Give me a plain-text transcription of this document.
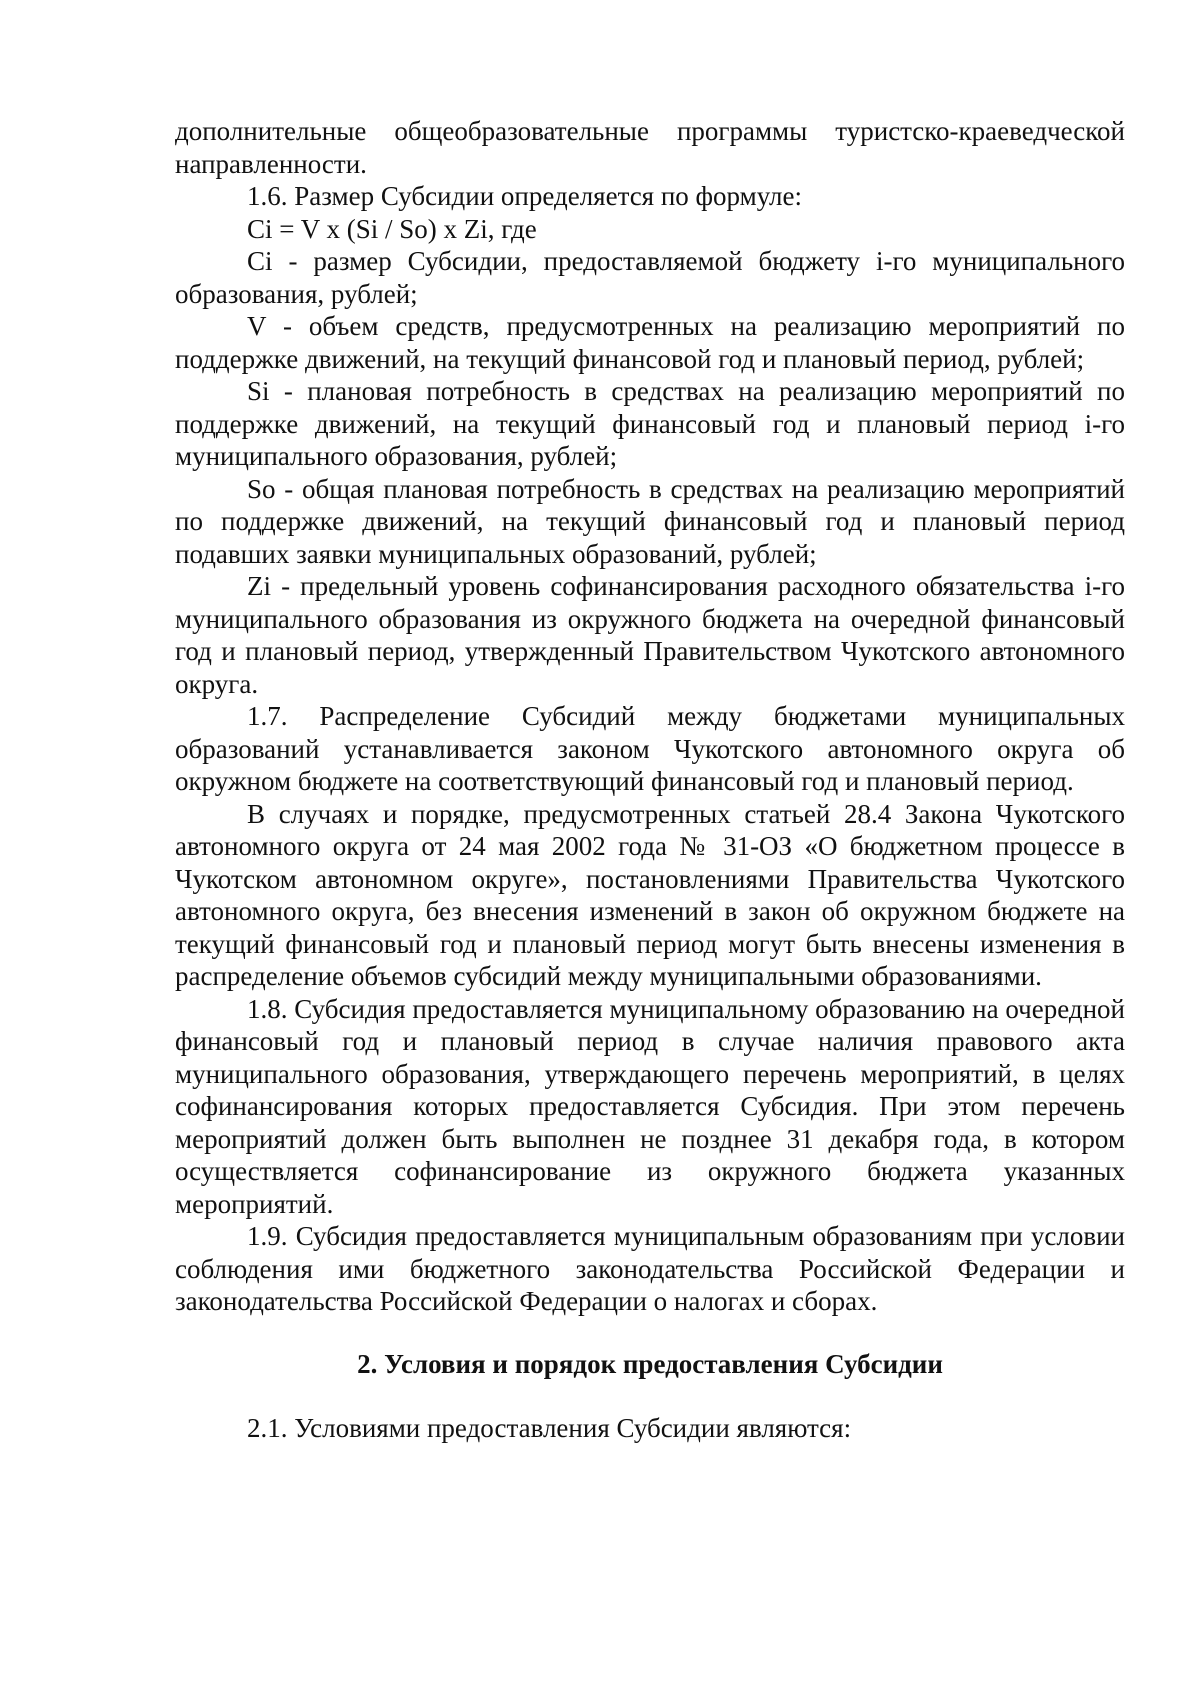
дополнительные общеобразовательные программы туристско-краеведческой направленности.

1.6. Размер Субсидии определяется по формуле:

Ci = V x (Si / So) x Zi, где

Ci - размер Субсидии, предоставляемой бюджету i-го муниципального образования, рублей;

V - объем средств, предусмотренных на реализацию мероприятий по поддержке движений, на текущий финансовой год и плановый период, рублей;

Si - плановая потребность в средствах на реализацию мероприятий по поддержке движений, на текущий финансовый год и плановый период i-го муниципального образования, рублей;

So - общая плановая потребность в средствах на реализацию мероприятий по поддержке движений, на текущий финансовый год и плановый период подавших заявки муниципальных образований, рублей;

Zi - предельный уровень софинансирования расходного обязательства i-го муниципального образования из окружного бюджета на очередной финансовый год и плановый период, утвержденный Правительством Чукотского автономного округа.

1.7. Распределение Субсидий между бюджетами муниципальных образований устанавливается законом Чукотского автономного округа об окружном бюджете на соответствующий финансовый год и плановый период.

В случаях и порядке, предусмотренных статьей 28.4 Закона Чукотского автономного округа от 24 мая 2002 года № 31-ОЗ «О бюджетном процессе в Чукотском автономном округе», постановлениями Правительства Чукотского автономного округа, без внесения изменений в закон об окружном бюджете на текущий финансовый год и плановый период могут быть внесены изменения в распределение объемов субсидий между муниципальными образованиями.

1.8. Субсидия предоставляется муниципальному образованию на очередной финансовый год и плановый период в случае наличия правового акта муниципального образования, утверждающего перечень мероприятий, в целях софинансирования которых предоставляется Субсидия. При этом перечень мероприятий должен быть выполнен не позднее 31 декабря года, в котором осуществляется софинансирование из окружного бюджета указанных мероприятий.

1.9. Субсидия предоставляется муниципальным образованиям при условии соблюдения ими бюджетного законодательства Российской Федерации и законодательства Российской Федерации о налогах и сборах.

2. Условия и порядок предоставления Субсидии

2.1. Условиями предоставления Субсидии являются:
